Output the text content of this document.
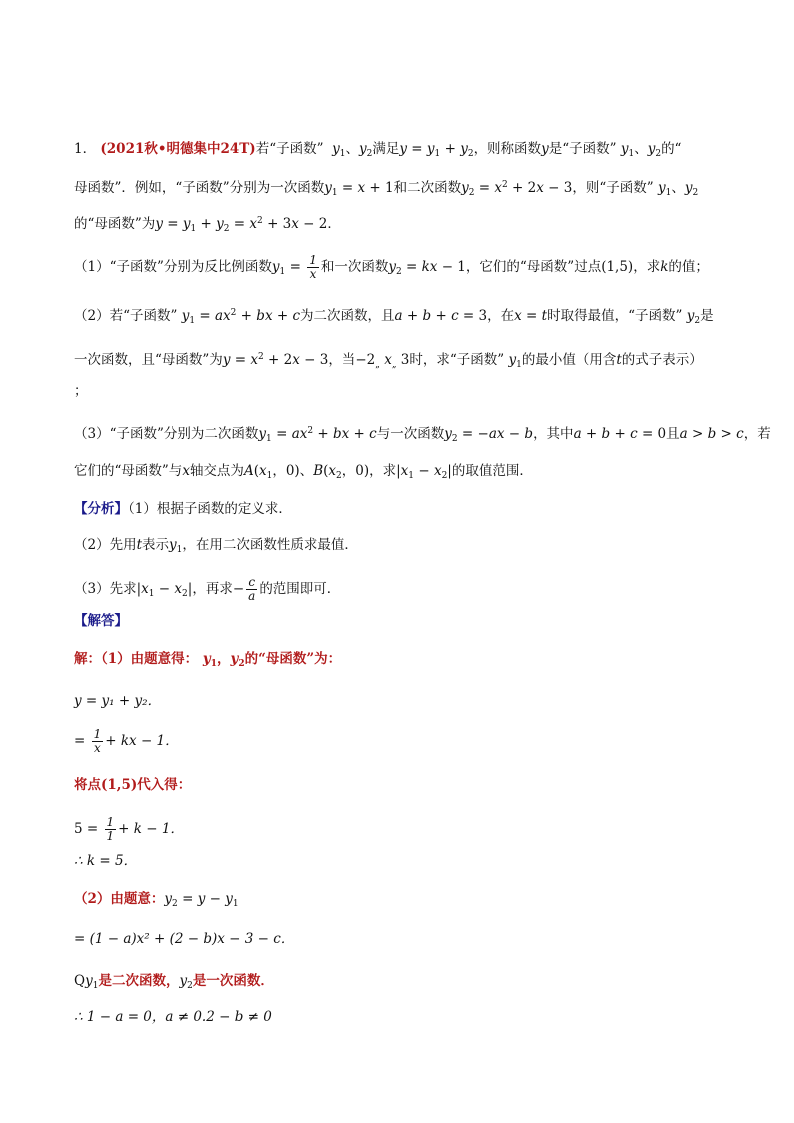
1． (2021秋•明德集中24T)若“子函数” $y_1$、$y_2$满足$y = y_1 + y_2$，则称函数y是“子函数” $y_1$、$y_2$的“
母函数”．例如，“子函数”分别为一次函数$y_1 = x + 1$和二次函数$y_2 = x^2 + 2x - 3$，则“子函数” $y_1$、$y_2$
的“母函数”为$y = y_1 + y_2 = x^2 + 3x - 2$．
（1）“子函数”分别为反比例函数$y_1 = \frac{1}{x}$ 和一次函数$y_2$ = kx − 1，它们的“母函数”过点(1,5)，求k的值；
（2）若“子函数” $y_1 = ax^2$ + bx + c为二次函数，且a + b + c = 3，在x = t时取得最值，“子函数” $y_2$是
一次函数，且“母函数”为$y = x^2 + 2x - 3$，当$-2_„$ $x_„$ 3时，求“子函数” $y_1$的最小值（用含t的式子表示）
；
（3）“子函数”分别为二次函数$y_1 = ax^2$ + bx + c与一次函数$y_2 = -ax - b$，其中a + b + c = 0且a > b > c，若
它们的“母函数”与x轴交点为$A(x_1$，0)、$B(x_2$，0)，求$|x_1 - x_2|$的取值范围．
【分析】（1）根据子函数的定义求．
（2）先用t表示$y_1$，在用二次函数性质求最值．
（3）先求$|x_1 - x_2|$，再求− $\frac{c}{a}$ 的范围即可．
【解答】
解：（1）由题意得： $y_1$，$y_2$的“母函数”为：
y = y₁ + y₂．
= $\frac{1}{x}$ + kx − 1．
将点(1,5)代入得：
$5 = \frac{1}{1} + k - 1$．
∴ k = 5．
（2）由题意：$y_2 = y - y_1$
= (1 − a)x² + (2 − b)x − 3 − c．
$Qy_1$是二次函数，$y_2$是一次函数．
∴ 1 − a = 0，a ≠ 0.2 − b ≠ 0
